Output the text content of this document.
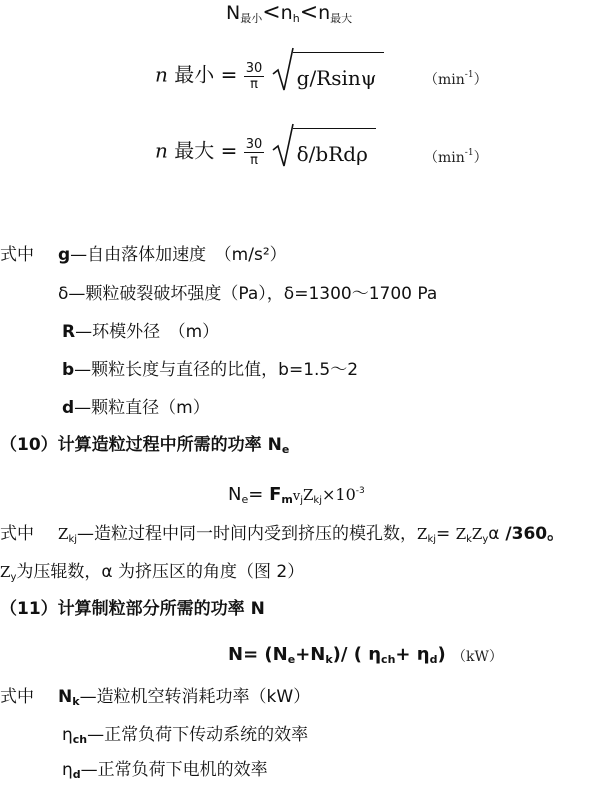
$N_{最小}<n_h<n_{最大}$
n 最小 = $\frac{30}{\pi}$
g/Rsinψ	$(\min^{-1})$
n 最大 = $\frac{30}{\pi}$
δ/bRdρ	$(\min^{-1})$
式中 g—自由落体加速度　（m/s²）
δ—颗粒破裂破坏强度（Pa），δ=1300～1700 Pa
R—环模外径　（m）
b—颗粒长度与直径的比值，b=1.5～2
d—颗粒直径（m）
（10）计算造粒过程中所需的功率 $N_e$
$N_e= F_mv_jZ_{kj}\times 10^{-3}$
式中 $Z_{kj}—$造粒过程中同一时间内受到挤压的模孔数，$Z_{kj}= Z_kZ_y\alpha$ /360。
$Z_y$为压辊数，α 为挤压区的角度（图 2）
（11）计算制粒部分所需的功率 N
$N= (N_e+N_k)/$ ( $\eta_{ch}+ \eta_d$) （kW）
式中 $N_k—$造粒机空转消耗功率（kW）
$\eta_{ch}—$正常负荷下传动系统的效率
$\eta_d—$正常负荷下电机的效率
